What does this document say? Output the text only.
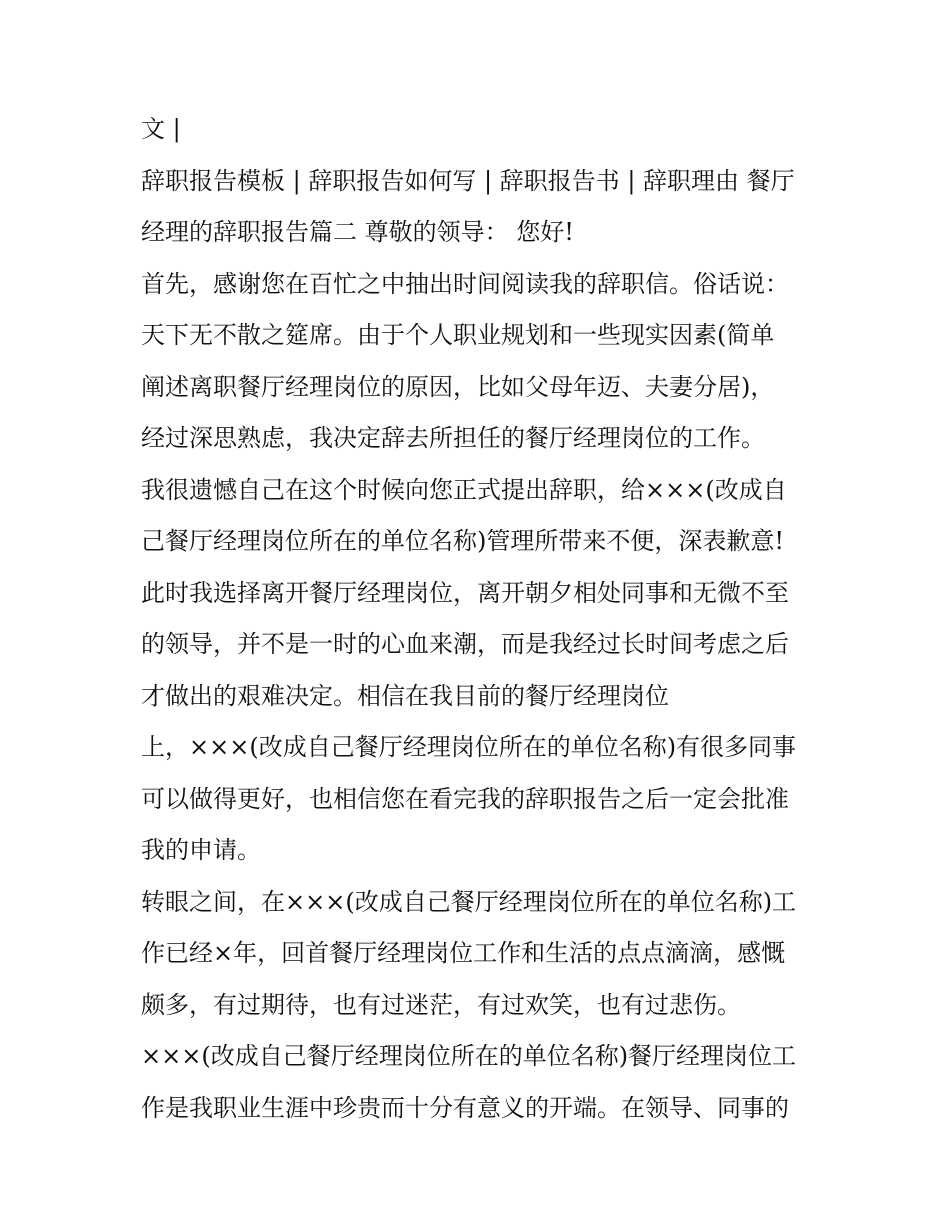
文 |
辞职报告模板 | 辞职报告如何写 | 辞职报告书 | 辞职理由 餐厅
经理的辞职报告篇二 尊敬的领导： 您好!
首先，感谢您在百忙之中抽出时间阅读我的辞职信。俗话说：
天下无不散之筵席。由于个人职业规划和一些现实因素(简单
阐述离职餐厅经理岗位的原因，比如父母年迈、夫妻分居)，
经过深思熟虑，我决定辞去所担任的餐厅经理岗位的工作。
我很遗憾自己在这个时候向您正式提出辞职，给×××(改成自
己餐厅经理岗位所在的单位名称)管理所带来不便，深表歉意!
此时我选择离开餐厅经理岗位，离开朝夕相处同事和无微不至
的领导，并不是一时的心血来潮，而是我经过长时间考虑之后
才做出的艰难决定。相信在我目前的餐厅经理岗位
上，×××(改成自己餐厅经理岗位所在的单位名称)有很多同事
可以做得更好，也相信您在看完我的辞职报告之后一定会批准
我的申请。
转眼之间，在×××(改成自己餐厅经理岗位所在的单位名称)工
作已经×年，回首餐厅经理岗位工作和生活的点点滴滴，感慨
颇多，有过期待，也有过迷茫，有过欢笑，也有过悲伤。
×××(改成自己餐厅经理岗位所在的单位名称)餐厅经理岗位工
作是我职业生涯中珍贵而十分有意义的开端。在领导、同事的
